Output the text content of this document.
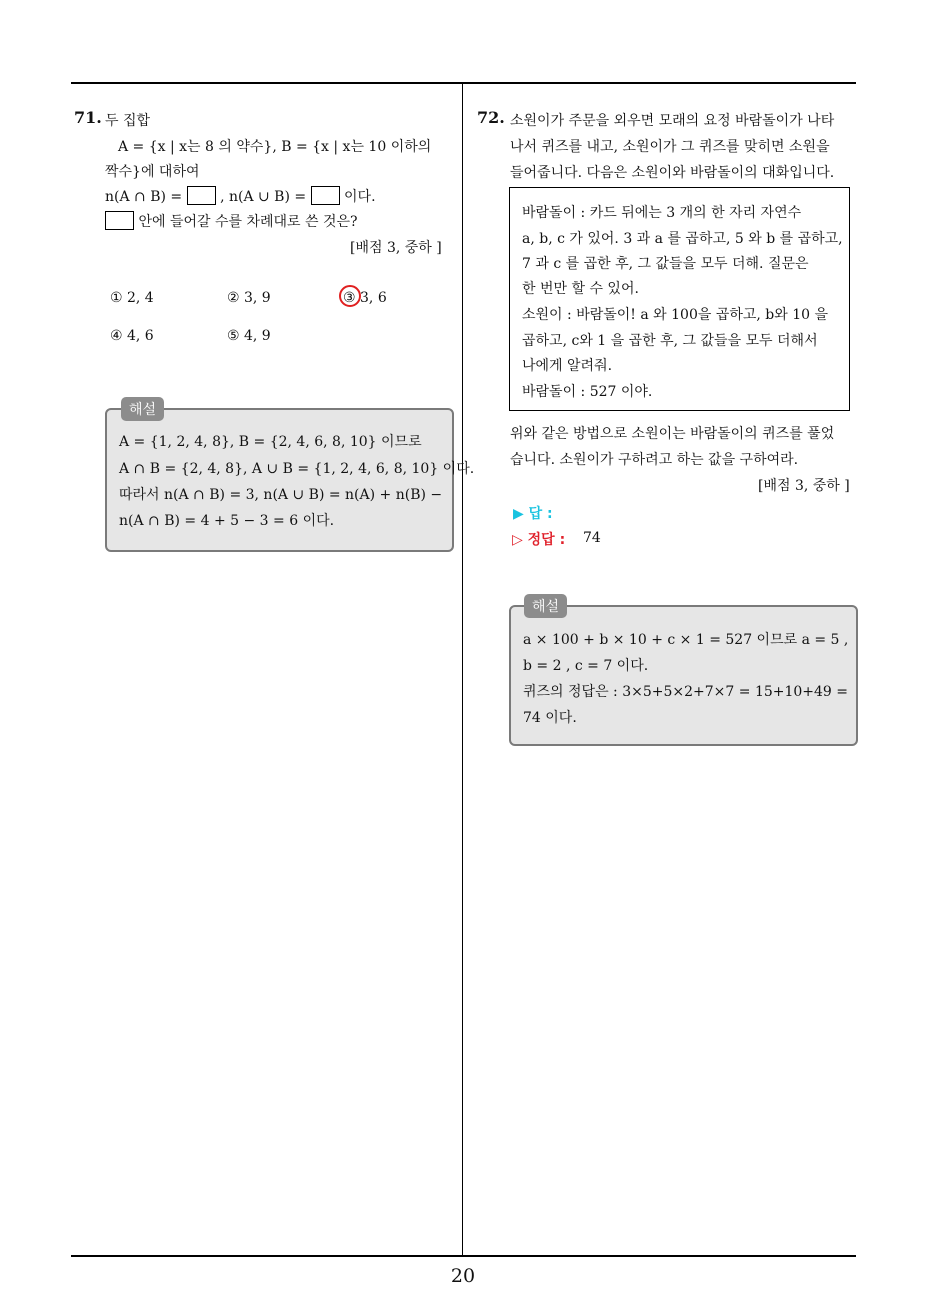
71. 두 집합
A = {x | x는 8 의 약수}, B = {x | x는 10 이하의
짝수}에 대하여
n(A ∩ B) =	, n(A ∪ B) =	이다.
안에 들어갈 수를 차례대로 쓴 것은?
[배점 3, 중하 ]
① 2, 4	② 3, 9	③ 3, 6
④ 4, 6	⑤ 4, 9
A = {1, 2, 4, 8}, B = {2, 4, 6, 8, 10} 이므로
A ∩ B = {2, 4, 8}, A ∪ B = {1, 2, 4, 6, 8, 10} 이다.
따라서 n(A ∩ B) = 3, n(A ∪ B) = n(A) + n(B) −
n(A ∩ B) = 4 + 5 − 3 = 6 이다.
해설
72. 소원이가 주문을 외우면 모래의 요정 바람돌이가 나타
나서 퀴즈를 내고, 소원이가 그 퀴즈를 맞히면 소원을
들어줍니다. 다음은 소원이와 바람돌이의 대화입니다.
바람돌이 : 카드 뒤에는 3 개의 한 자리 자연수
a, b, c 가 있어. 3 과 a 를 곱하고, 5 와 b 를 곱하고,
7 과 c 를 곱한 후, 그 값들을 모두 더해. 질문은
한 번만 할 수 있어.
소원이 : 바람돌이! a 와 100을 곱하고, b와 10 을
곱하고, c와 1 을 곱한 후, 그 값들을 모두 더해서
나에게 알려줘.
바람돌이 : 527 이야.
위와 같은 방법으로 소원이는 바람돌이의 퀴즈를 풀었
습니다. 소원이가 구하려고 하는 값을 구하여라.
[배점 3, 중하 ]
▶ 답 :
▷ 정답 : 74
a × 100 + b × 10 + c × 1 = 527 이므로 a = 5 ,
b = 2 , c = 7 이다.
퀴즈의 정답은 : 3×5+5×2+7×7 = 15+10+49 =
74 이다.
해설
20
